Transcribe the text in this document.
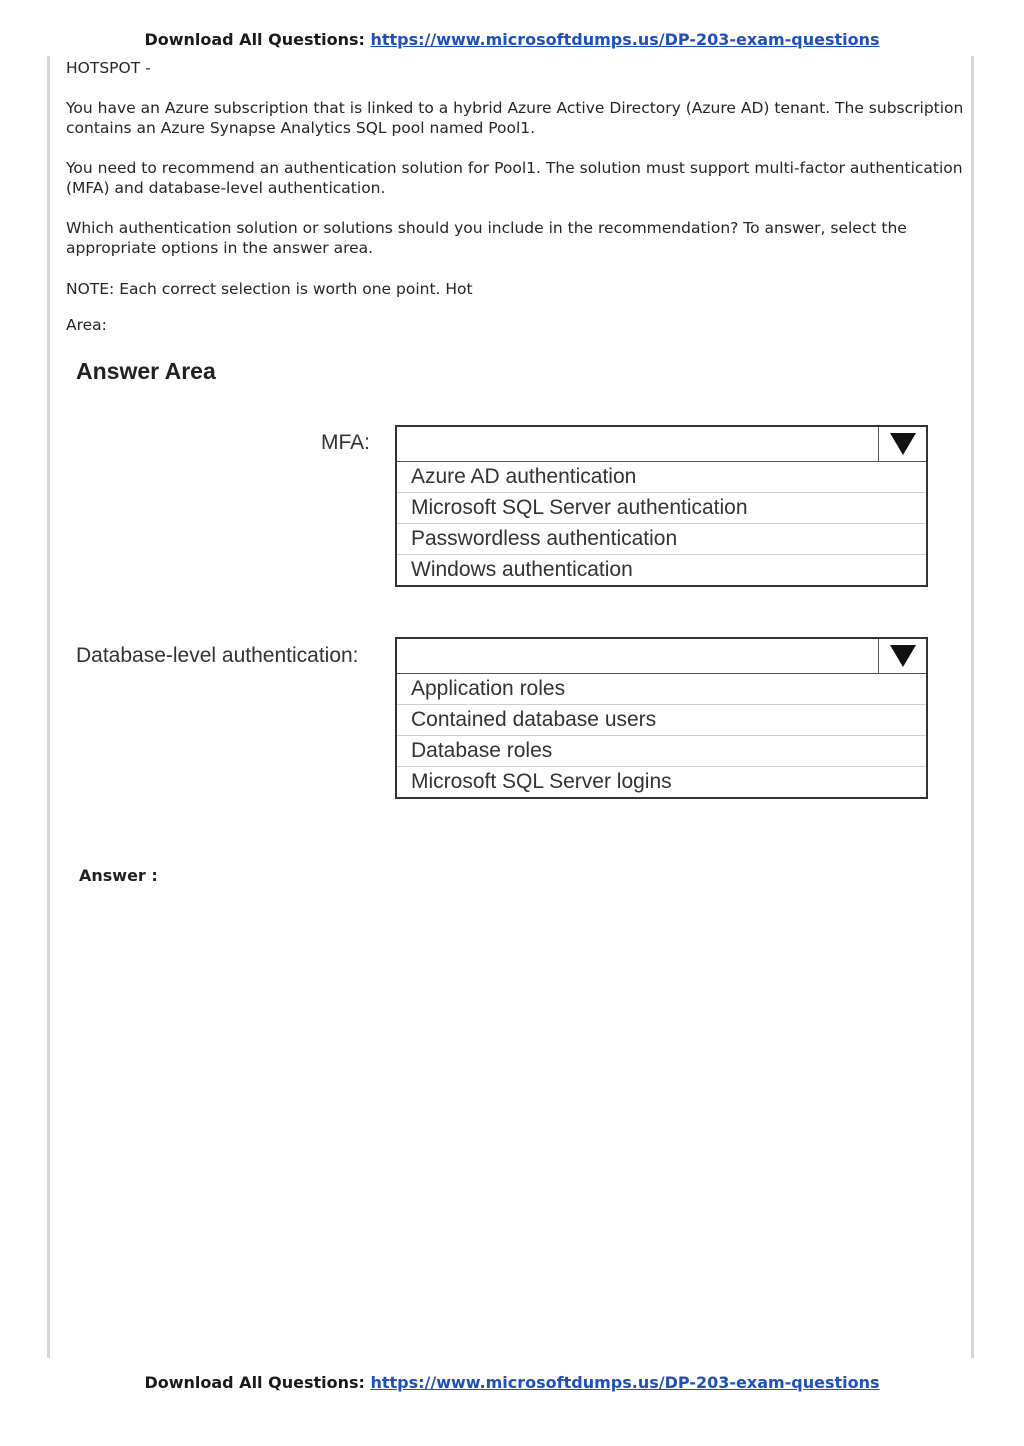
Download All Questions: https://www.microsoftdumps.us/DP-203-exam-questions

HOTSPOT -

You have an Azure subscription that is linked to a hybrid Azure Active Directory (Azure AD) tenant. The subscription contains an Azure Synapse Analytics SQL pool named Pool1.

You need to recommend an authentication solution for Pool1. The solution must support multi-factor authentication (MFA) and database-level authentication.

Which authentication solution or solutions should you include in the recommendation? To answer, select the appropriate options in the answer area.

NOTE: Each correct selection is worth one point. Hot

Area:

Answer Area
MFA:
Azure AD authentication
Microsoft SQL Server authentication
Passwordless authentication
Windows authentication
Database-level authentication:
Application roles
Contained database users
Database roles
Microsoft SQL Server logins
Answer :
Download All Questions: https://www.microsoftdumps.us/DP-203-exam-questions
